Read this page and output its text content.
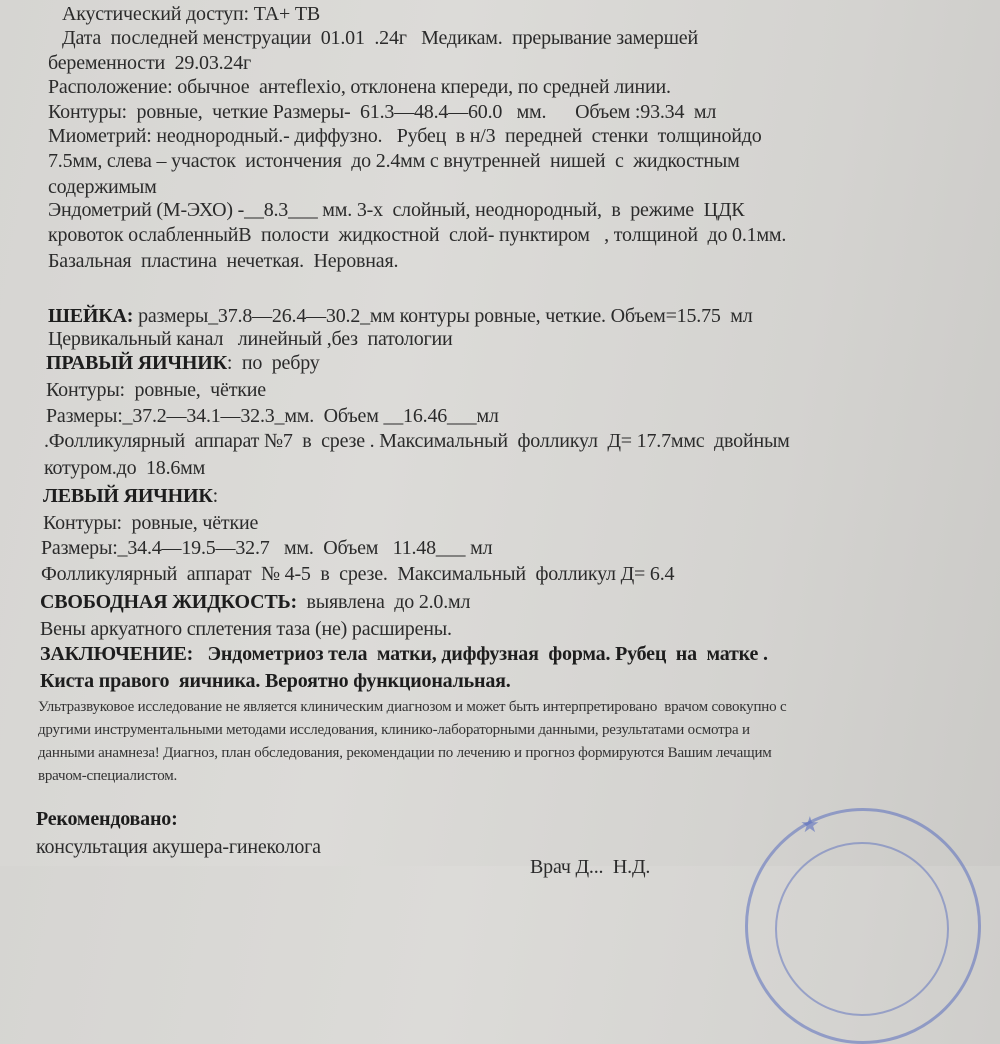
Акустический доступ: ТА+ ТВ
Дата  последней менструации  01.01  .24г   Медикам.  прерывание замершей
беременности  29.03.24г
Расположение: обычное  антеflexio, отклонена кпереди, по средней линии.
Контуры:  ровные,  четкие Размеры-  61.3—48.4—60.0   мм.      Объем :93.34  мл
Миометрий: неоднородный.- диффузно.   Рубец  в н/3  передней  стенки  толщинойдо
7.5мм, слева – участок  истончения  до 2.4мм с внутренней  нишей  с  жидкостным
содержимым
Эндометрий (М-ЭХО) -__8.3___ мм. 3-х  слойный, неоднородный,  в  режиме  ЦДК
кровоток ослабленныйВ  полости  жидкостной  слой- пунктиром   , толщиной  до 0.1мм.
Базальная  пластина  нечеткая.  Неровная.
ШЕЙКА: размеры_37.8—26.4—30.2_мм контуры ровные, четкие. Объем=15.75  мл
Цервикальный канал   линейный ,без  патологии
ПРАВЫЙ ЯИЧНИК:  по  ребру
Контуры:  ровные,  чёткие
Размеры:_37.2—34.1—32.3_мм.  Объем __16.46___мл
.Фолликулярный  аппарат №7  в  срезе . Максимальный  фолликул  Д= 17.7ммс  двойным
котуром.до  18.6мм
ЛЕВЫЙ ЯИЧНИК:
Контуры:  ровные, чёткие
Размеры:_34.4—19.5—32.7   мм.  Объем   11.48___ мл
Фолликулярный  аппарат  № 4-5  в  срезе.  Максимальный  фолликул Д= 6.4
СВОБОДНАЯ ЖИДКОСТЬ:  выявлена  до 2.0.мл
Вены аркуатного сплетения таза (не) расширены.
ЗАКЛЮЧЕНИЕ:   Эндометриоз тела  матки, диффузная  форма. Рубец  на  матке .
Киста правого  яичника. Вероятно функциональная.
Ультразвуковое исследование не является клиническим диагнозом и может быть интерпретировано  врачом совокупно с
другими инструментальными методами исследования, клинико-лабораторными данными, результатами осмотра и
данными анамнеза! Диагноз, план обследования, рекомендации по лечению и прогноз формируются Вашим лечащим
врачом-специалистом.
Рекомендовано:
консультация акушера-гинеколога
Врач Д...  Н.Д.
★
